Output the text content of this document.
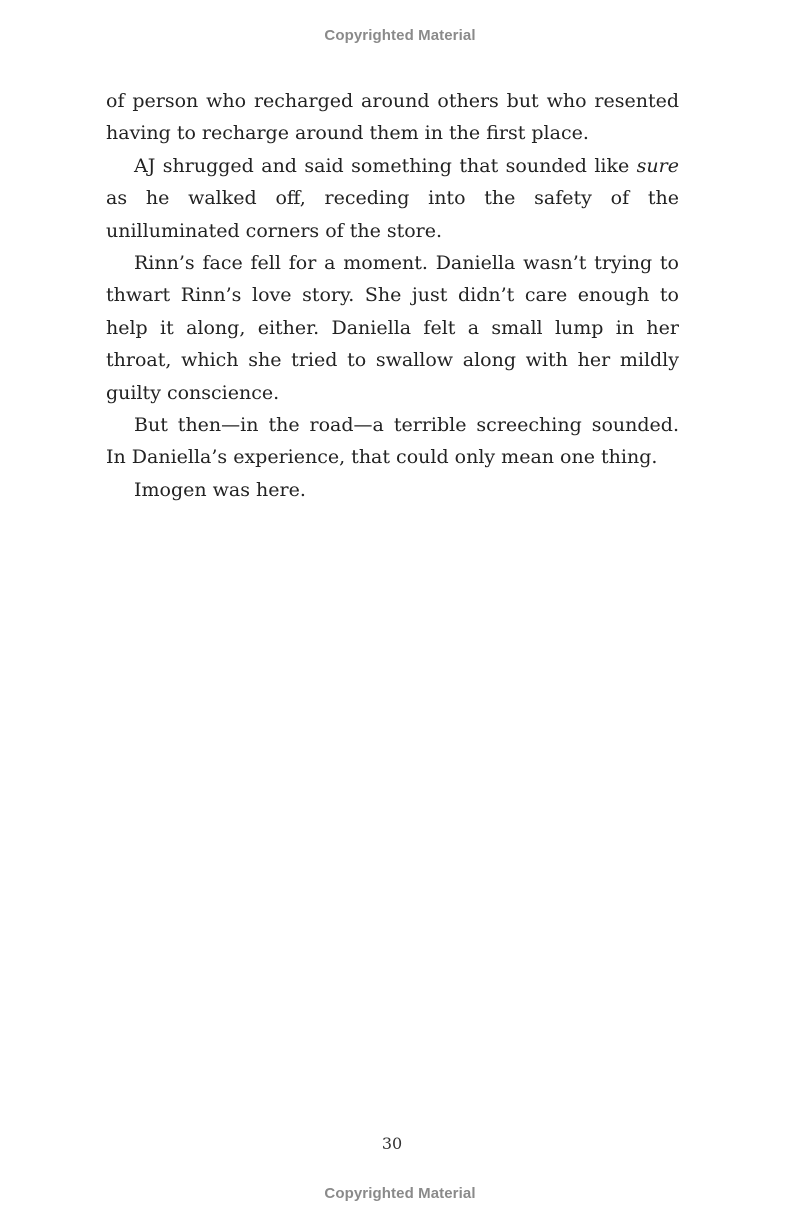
Copyrighted Material

of person who recharged around others but who resented having to recharge around them in the first place.

AJ shrugged and said something that sounded like sure as he walked off, receding into the safety of the unilluminated corners of the store.

Rinn’s face fell for a moment. Daniella wasn’t trying to thwart Rinn’s love story. She just didn’t care enough to help it along, either. Daniella felt a small lump in her throat, which she tried to swallow along with her mildly guilty conscience.

But then—in the road—a terrible screeching sounded. In Daniella’s experience, that could only mean one thing.

Imogen was here.

30
Copyrighted Material
